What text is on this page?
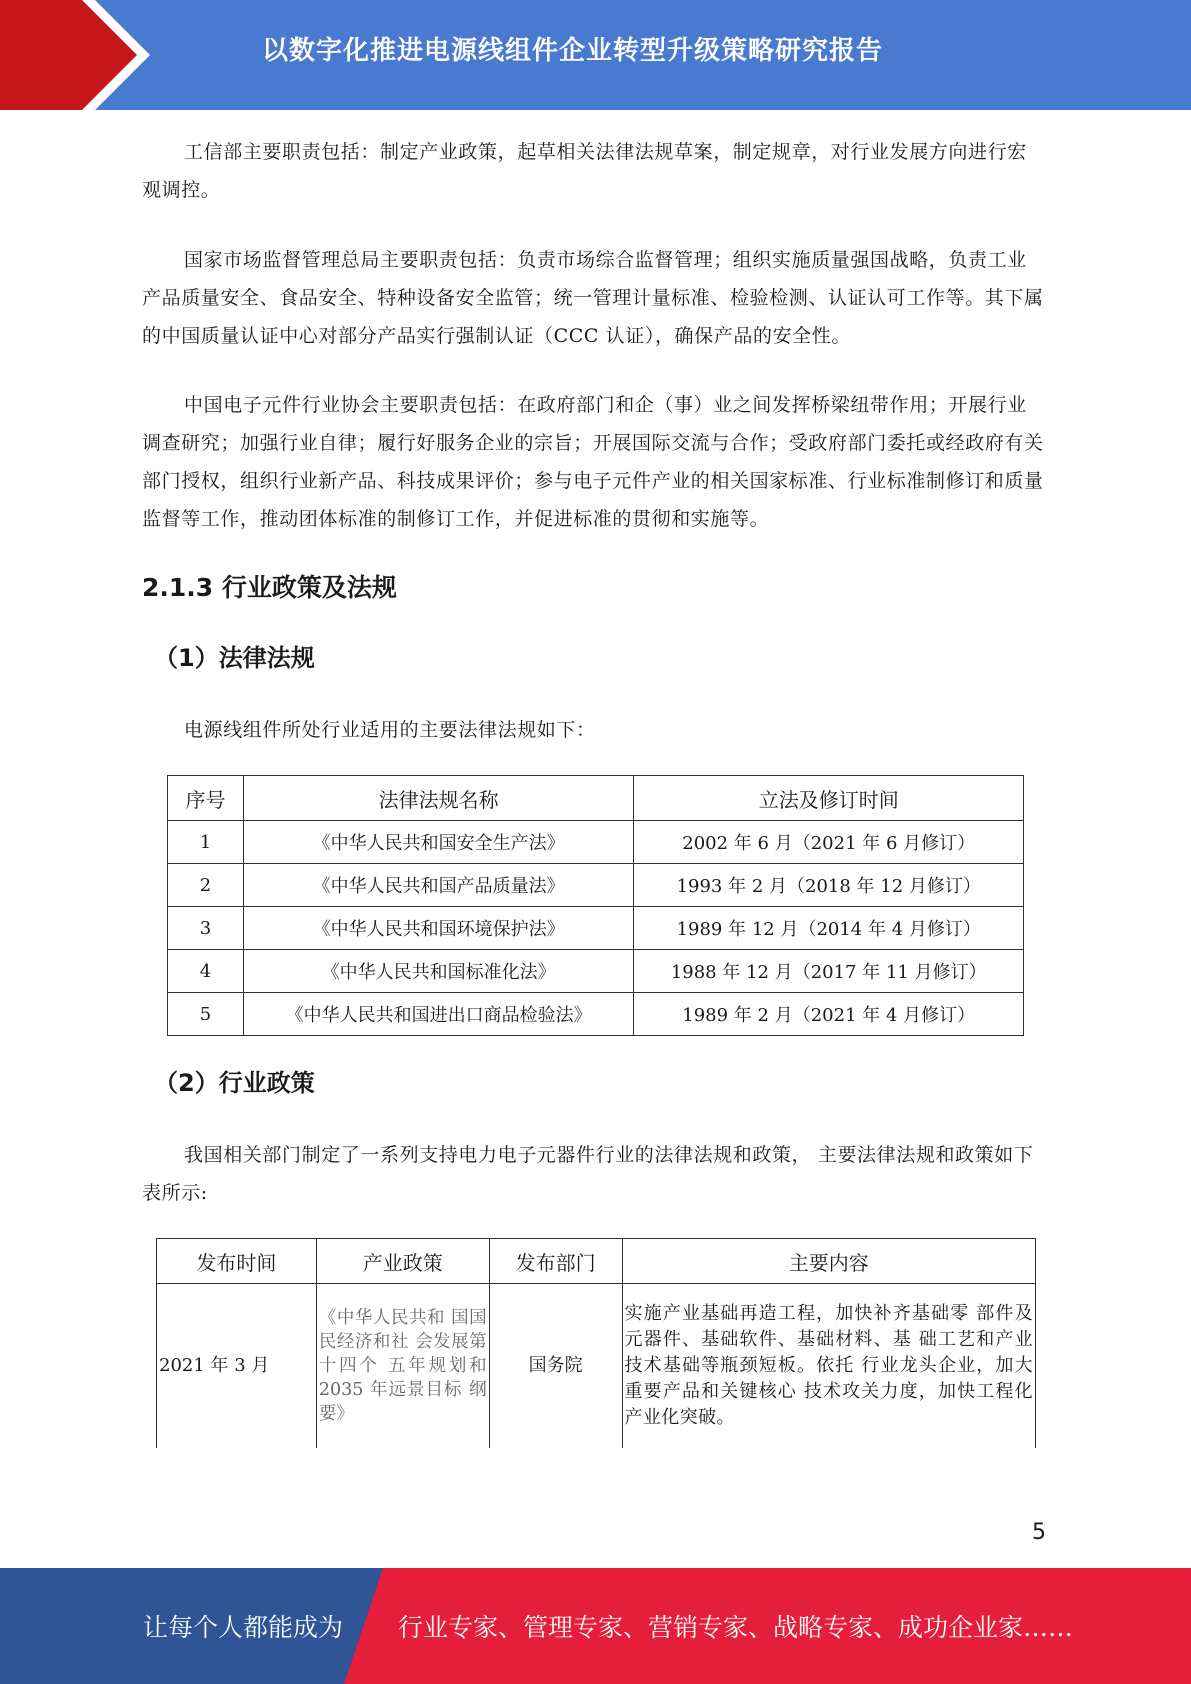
以数字化推进电源线组件企业转型升级策略研究报告

工信部主要职责包括：制定产业政策，起草相关法律法规草案，制定规章，对行业发展方向进行宏观调控。

国家市场监督管理总局主要职责包括：负责市场综合监督管理；组织实施质量强国战略，负责工业产品质量安全、食品安全、特种设备安全监管；统一管理计量标准、检验检测、认证认可工作等。其下属的中国质量认证中心对部分产品实行强制认证（CCC 认证），确保产品的安全性。

中国电子元件行业协会主要职责包括：在政府部门和企（事）业之间发挥桥梁纽带作用；开展行业调查研究；加强行业自律；履行好服务企业的宗旨；开展国际交流与合作；受政府部门委托或经政府有关部门授权，组织行业新产品、科技成果评价；参与电子元件产业的相关国家标准、行业标准制修订和质量监督等工作，推动团体标准的制修订工作，并促进标准的贯彻和实施等。

2.1.3 行业政策及法规
（1）法律法规

电源线组件所处行业适用的主要法律法规如下：

序号	法律法规名称	立法及修订时间
1	《中华人民共和国安全生产法》	2002 年 6 月（2021 年 6 月修订）
2	《中华人民共和国产品质量法》	1993 年 2 月（2018 年 12 月修订）
3	《中华人民共和国环境保护法》	1989 年 12 月（2014 年 4 月修订）
4	《中华人民共和国标准化法》	1988 年 12 月（2017 年 11 月修订）
5	《中华人民共和国进出口商品检验法》	1989 年 2 月（2021 年 4 月修订）
（2）行业政策

我国相关部门制定了一系列支持电力电子元器件行业的法律法规和政策， 主要法律法规和政策如下表所示:

发布时间	产业政策	发布部门	主要内容
2021 年 3 月	《中华人民共和 国国民经济和社 会发展第十四个 五年规划和 2035 年远景目标 纲要》	国务院	实施产业基础再造工程，加快补齐基础零 部件及元器件、基础软件、基础材料、基 础工艺和产业技术基础等瓶颈短板。依托 行业龙头企业，加大重要产品和关键核心 技术攻关力度，加快工程化产业化突破。
5
让每个人都能成为 行业专家、管理专家、营销专家、战略专家、成功企业家……
